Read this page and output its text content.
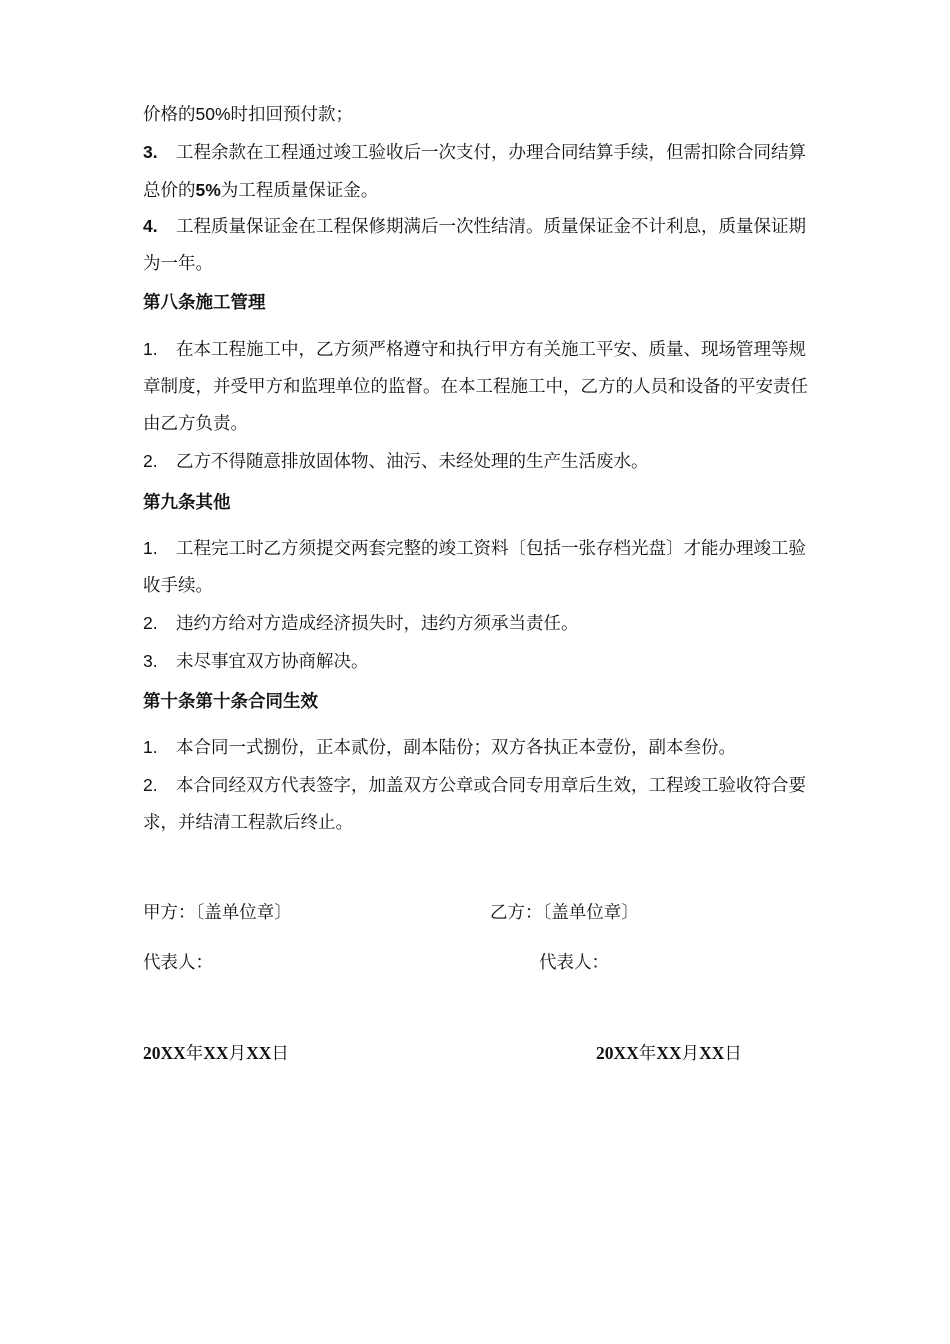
价格的50%时扣回预付款；

3. 工程余款在工程通过竣工验收后一次支付，办理合同结算手续，但需扣除合同结算总价的5%为工程质量保证金。

4. 工程质量保证金在工程保修期满后一次性结清。质量保证金不计利息，质量保证期为一年。

第八条施工管理

1. 在本工程施工中，乙方须严格遵守和执行甲方有关施工平安、质量、现场管理等规章制度，并受甲方和监理单位的监督。在本工程施工中，乙方的人员和设备的平安责任由乙方负责。

2. 乙方不得随意排放固体物、油污、未经处理的生产生活废水。

第九条其他

1. 工程完工时乙方须提交两套完整的竣工资料〔包括一张存档光盘〕才能办理竣工验收手续。

2. 违约方给对方造成经济损失时，违约方须承当责任。

3. 未尽事宜双方协商解决。

第十条第十条合同生效

1. 本合同一式捌份，正本贰份，副本陆份；双方各执正本壹份，副本叁份。

2. 本合同经双方代表签字，加盖双方公章或合同专用章后生效，工程竣工验收符合要求，并结清工程款后终止。

甲方：〔盖单位章〕	乙方：〔盖单位章〕
代表人：	代表人：
20XX年XX月XX日	20XX年XX月XX日
